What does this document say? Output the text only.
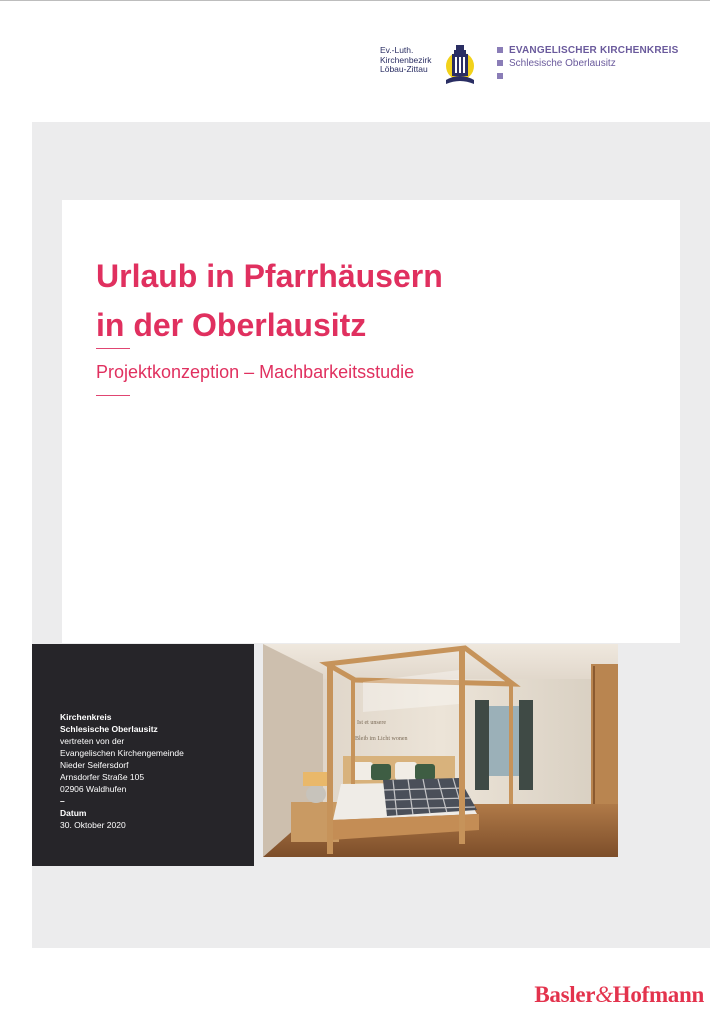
Ev.-Luth.
Kirchenbezirk
Löbau-Zittau
EVANGELISCHER KIRCHENKREIS
Schlesische Oberlausitz
Urlaub in Pfarrhäusern
in der Oberlausitz
Projektkonzeption – Machbarkeitsstudie
Kirchenkreis
Schlesische Oberlausitz
vertreten von der
Evangelischen Kirchengemeinde
Nieder Seifersdorf
Arnsdorfer Straße 105
02906 Waldhufen
–
Datum
30. Oktober 2020
Ist et unsere
Bleib im Licht wonen
Basler&Hofmann
